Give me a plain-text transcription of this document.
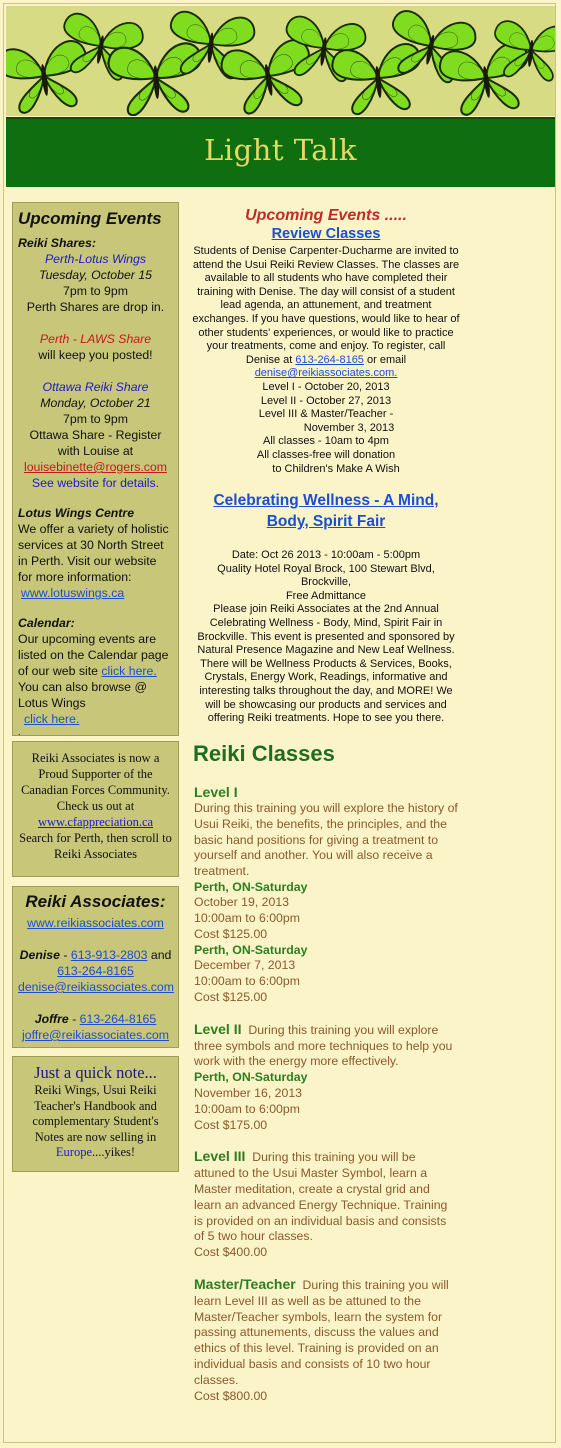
Light Talk
Upcoming Events
Reiki Shares:
Perth-Lotus Wings
Tuesday, October 15
7pm to 9pm
Perth Shares are drop in.
Perth - LAWS Share
will keep you posted!
Ottawa Reiki Share
Monday, October 21
7pm to 9pm
Ottawa Share - Register with Louise at
louisebinette@rogers.com
See website for details.
Lotus Wings Centre
We offer a variety of holistic services at 30 North Street in Perth. Visit our website for more information:
www.lotuswings.ca
Calendar:
Our upcoming events are listed on the Calendar page of our web site click here.
You can also browse @ Lotus Wings
click here.
.
Reiki Associates is now a Proud Supporter of the Canadian Forces Community.
Check us out at
www.cfappreciation.ca
Search for Perth, then scroll to Reiki Associates
Reiki Associates:
www.reikiassociates.com
Denise - 613-913-2803 and
613-264-8165
denise@reikiassociates.com
Joffre - 613-264-8165
joffre@reikiassociates.com
Just a quick note...
Reiki Wings, Usui Reiki Teacher's Handbook and complementary Student's Notes are now selling in Europe....yikes!
Upcoming Events .....
Review Classes
Students of Denise Carpenter-Ducharme are invited to attend the Usui Reiki Review Classes. The classes are available to all students who have completed their training with Denise. The day will consist of a student lead agenda, an attunement, and treatment exchanges. If you have questions, would like to hear of other students' experiences, or would like to practice your treatments, come and enjoy. To register, call Denise at 613-264-8165 or email
denise@reikiassociates.com.
Level I - October 20, 2013
Level II - October 27, 2013
Level III & Master/Teacher -
November 3, 2013
All classes - 10am to 4pm
All classes-free will donation
to Children's Make A Wish
Celebrating Wellness - A Mind, Body, Spirit Fair
Date: Oct 26 2013 - 10:00am - 5:00pm
Quality Hotel Royal Brock, 100 Stewart Blvd, Brockville,
Free Admittance
Please join Reiki Associates at the 2nd Annual Celebrating Wellness - Body, Mind, Spirit Fair in Brockville. This event is presented and sponsored by Natural Presence Magazine and New Leaf Wellness. There will be Wellness Products & Services, Books, Crystals, Energy Work, Readings, informative and interesting talks throughout the day, and MORE! We will be showcasing our products and services and offering Reiki treatments. Hope to see you there.
Reiki Classes
Level I
During this training you will explore the history of Usui Reiki, the benefits, the principles, and the basic hand positions for giving a treatment to yourself and another. You will also receive a treatment.
Perth, ON-Saturday
October 19, 2013
10:00am to 6:00pm
Cost $125.00
Perth, ON-Saturday
December 7, 2013
10:00am to 6:00pm
Cost $125.00
Level II During this training you will explore three symbols and more techniques to help you work with the energy more effectively.
Perth, ON-Saturday
November 16, 2013
10:00am to 6:00pm
Cost $175.00
Level III During this training you will be attuned to the Usui Master Symbol, learn a Master meditation, create a crystal grid and learn an advanced Energy Technique. Training is provided on an individual basis and consists of 5 two hour classes.
Cost $400.00
Master/Teacher During this training you will learn Level III as well as be attuned to the Master/Teacher symbols, learn the system for passing attunements, discuss the values and ethics of this level. Training is provided on an individual basis and consists of 10 two hour classes.
Cost $800.00
